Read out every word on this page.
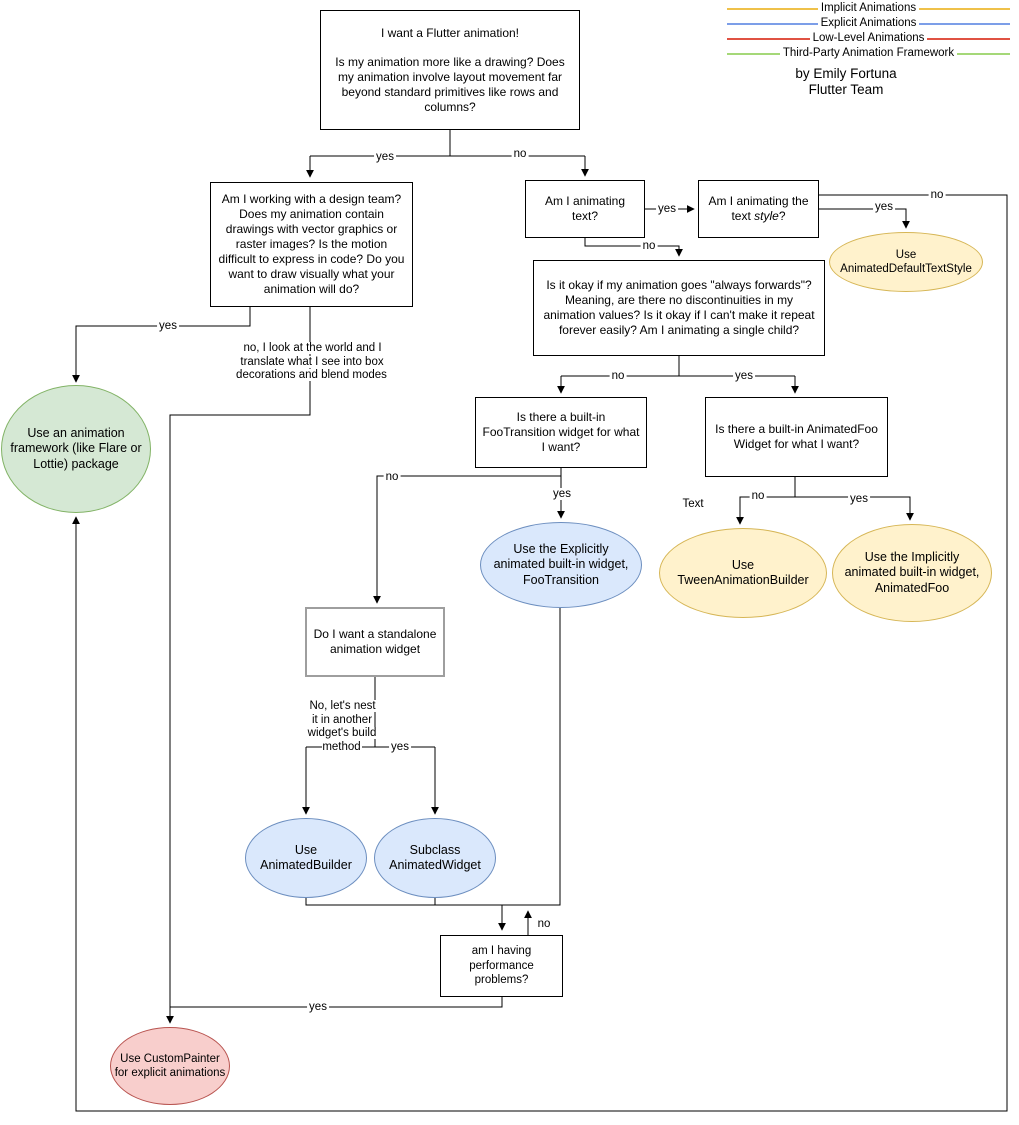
Implicit Animations
Explicit Animations
Low-Level Animations
Third-Party Animation Framework
by Emily Fortuna
Flutter Team
I want a Flutter animation!
Is my animation more like a drawing? Does my animation involve layout movement far beyond standard primitives like rows and columns?
Am I working with a design team? Does my animation contain drawings with vector graphics or raster images? Is the motion difficult to express in code? Do you want to draw visually what your animation will do?
Am I animating text?
Am I animating the text style?
Is it okay if my animation goes "always forwards"? Meaning, are there no discontinuities in my animation values? Is it okay if I can't make it repeat forever easily? Am I animating a single child?
Is there a built-in FooTransition widget for what I want?
Is there a built-in AnimatedFoo Widget for what I want?
Do I want a standalone animation widget
am I having performance problems?
Use an animation framework (like Flare or Lottie) package
Use AnimatedDefaultTextStyle
Use the Explicitly animated built-in widget, FooTransition
Use TweenAnimationBuilder
Use the Implicitly animated built-in widget, AnimatedFoo
Use AnimatedBuilder
Subclass AnimatedWidget
Use CustomPainter for explicit animations
no, I look at the world and I translate what I see into box decorations and blend modes
No, let's nest it in another widget's build method
Text
yes	no
yes
no
yes
no
no	yes
no
yes	no	yes
yes
yes
yes
no
